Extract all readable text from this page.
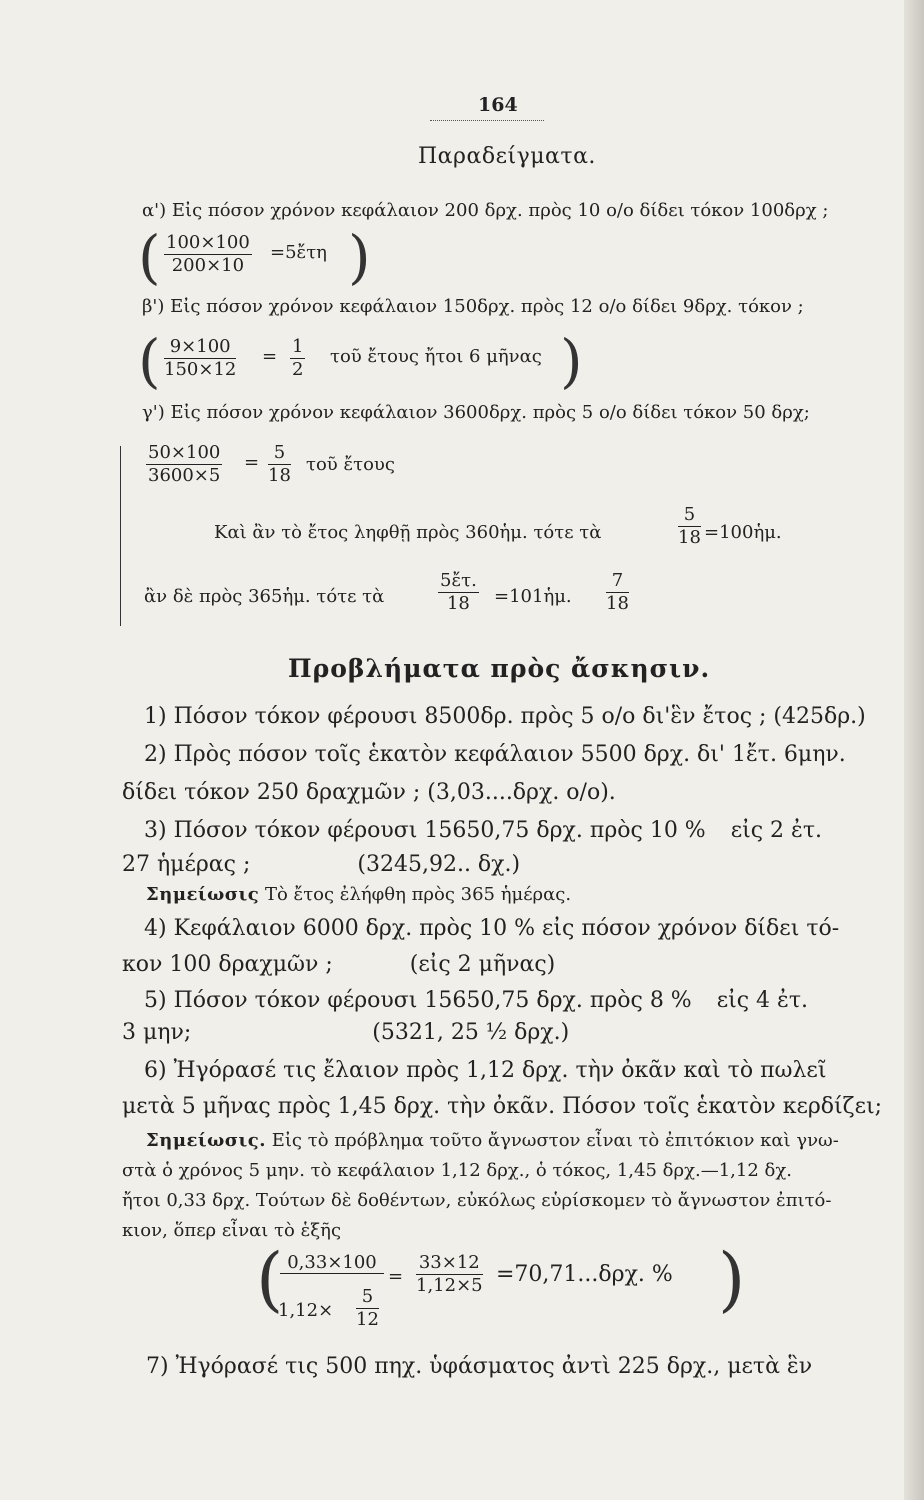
164
Παραδείγματα.
α') Εἰς πόσον χρόνον κεφάλαιον 200 δρχ. πρὸς 10 ο/ο δίδει τόκον 100δρχ ;
( $\frac{100\times 100}{200\times 10}$ =5ἔτη )
β') Εἰς πόσον χρόνον κεφάλαιον 150δρχ. πρὸς 12 ο/ο δίδει 9δρχ. τόκον ;
( $\frac{9\times 100}{150\times 12} = \frac{1}{2}$ τοῦ ἔτους ἤτοι 6 μῆνας )
γ') Εἰς πόσον χρόνον κεφάλαιον 3600δρχ. πρὸς 5 ο/ο δίδει τόκον 50 δρχ;
$\frac{50\times 100}{3600\times 5} = \frac{5}{18}$ τοῦ ἔτους
Καὶ ἂν τὸ ἔτος ληφθῇ πρὸς 360ἡμ. τότε τὰ	$\frac{5}{18}$ =100ἡμ.
ἂν δὲ πρὸς 365ἡμ. τότε τὰ	$\frac{\text{5ἔτ.}}{18}$ =101ἡμ. $\frac{7}{18}$
Προβλήματα πρὸς ἄσκησιν.
1) Πόσον τόκον φέρουσι 8500δρ. πρὸς 5 ο/ο δι'ἓν ἔτος ; (425δρ.)
2) Πρὸς πόσον τοῖς ἑκατὸν κεφάλαιον 5500 δρχ. δι' 1ἔτ. 6μην.
δίδει τόκον 250 δραχμῶν ; (3,03....δρχ. ο/ο).
3) Πόσον τόκον φέρουσι 15650,75 δρχ. πρὸς 10 % εἰς 2 ἐτ.
27 ἡμέρας ;	(3245,92.. δχ.)
Σημείωσις Τὸ ἔτος ἐλήφθη πρὸς 365 ἡμέρας.
4) Κεφάλαιον 6000 δρχ. πρὸς 10 % εἰς πόσον χρόνον δίδει τό-
κον 100 δραχμῶν ;	(εἰς 2 μῆνας)
5) Πόσον τόκον φέρουσι 15650,75 δρχ. πρὸς 8 % εἰς 4 ἐτ.
3 μην;	(5321, 25 ½ δρχ.)
6) Ἠγόρασέ τις ἔλαιον πρὸς 1,12 δρχ. τὴν ὀκᾶν καὶ τὸ πωλεῖ
μετὰ 5 μῆνας πρὸς 1,45 δρχ. τὴν ὀκᾶν. Πόσον τοῖς ἑκατὸν κερδίζει;
Σημείωσις. Εἰς τὸ πρόβλημα τοῦτο ἄγνωστον εἶναι τὸ ἐπιτόκιον καὶ γνω-
στὰ ὁ χρόνος 5 μην. τὸ κεφάλαιον 1,12 δρχ., ὁ τόκος, 1,45 δρχ.—1,12 δχ.
ἤτοι 0,33 δρχ. Τούτων δὲ δοθέντων, εὐκόλως εὑρίσκομεν τὸ ἄγνωστον ἐπιτό-
κιον, ὅπερ εἶναι τὸ ἑξῆς
( 0,33×100
$1,12\times \frac{5}{12}$
= $\frac{33\times 12}{1,12\times 5} =70,71...\delta\rho\chi$. % )
7) Ἠγόρασέ τις 500 πηχ. ὑφάσματος ἀντὶ 225 δρχ., μετὰ ἓν
